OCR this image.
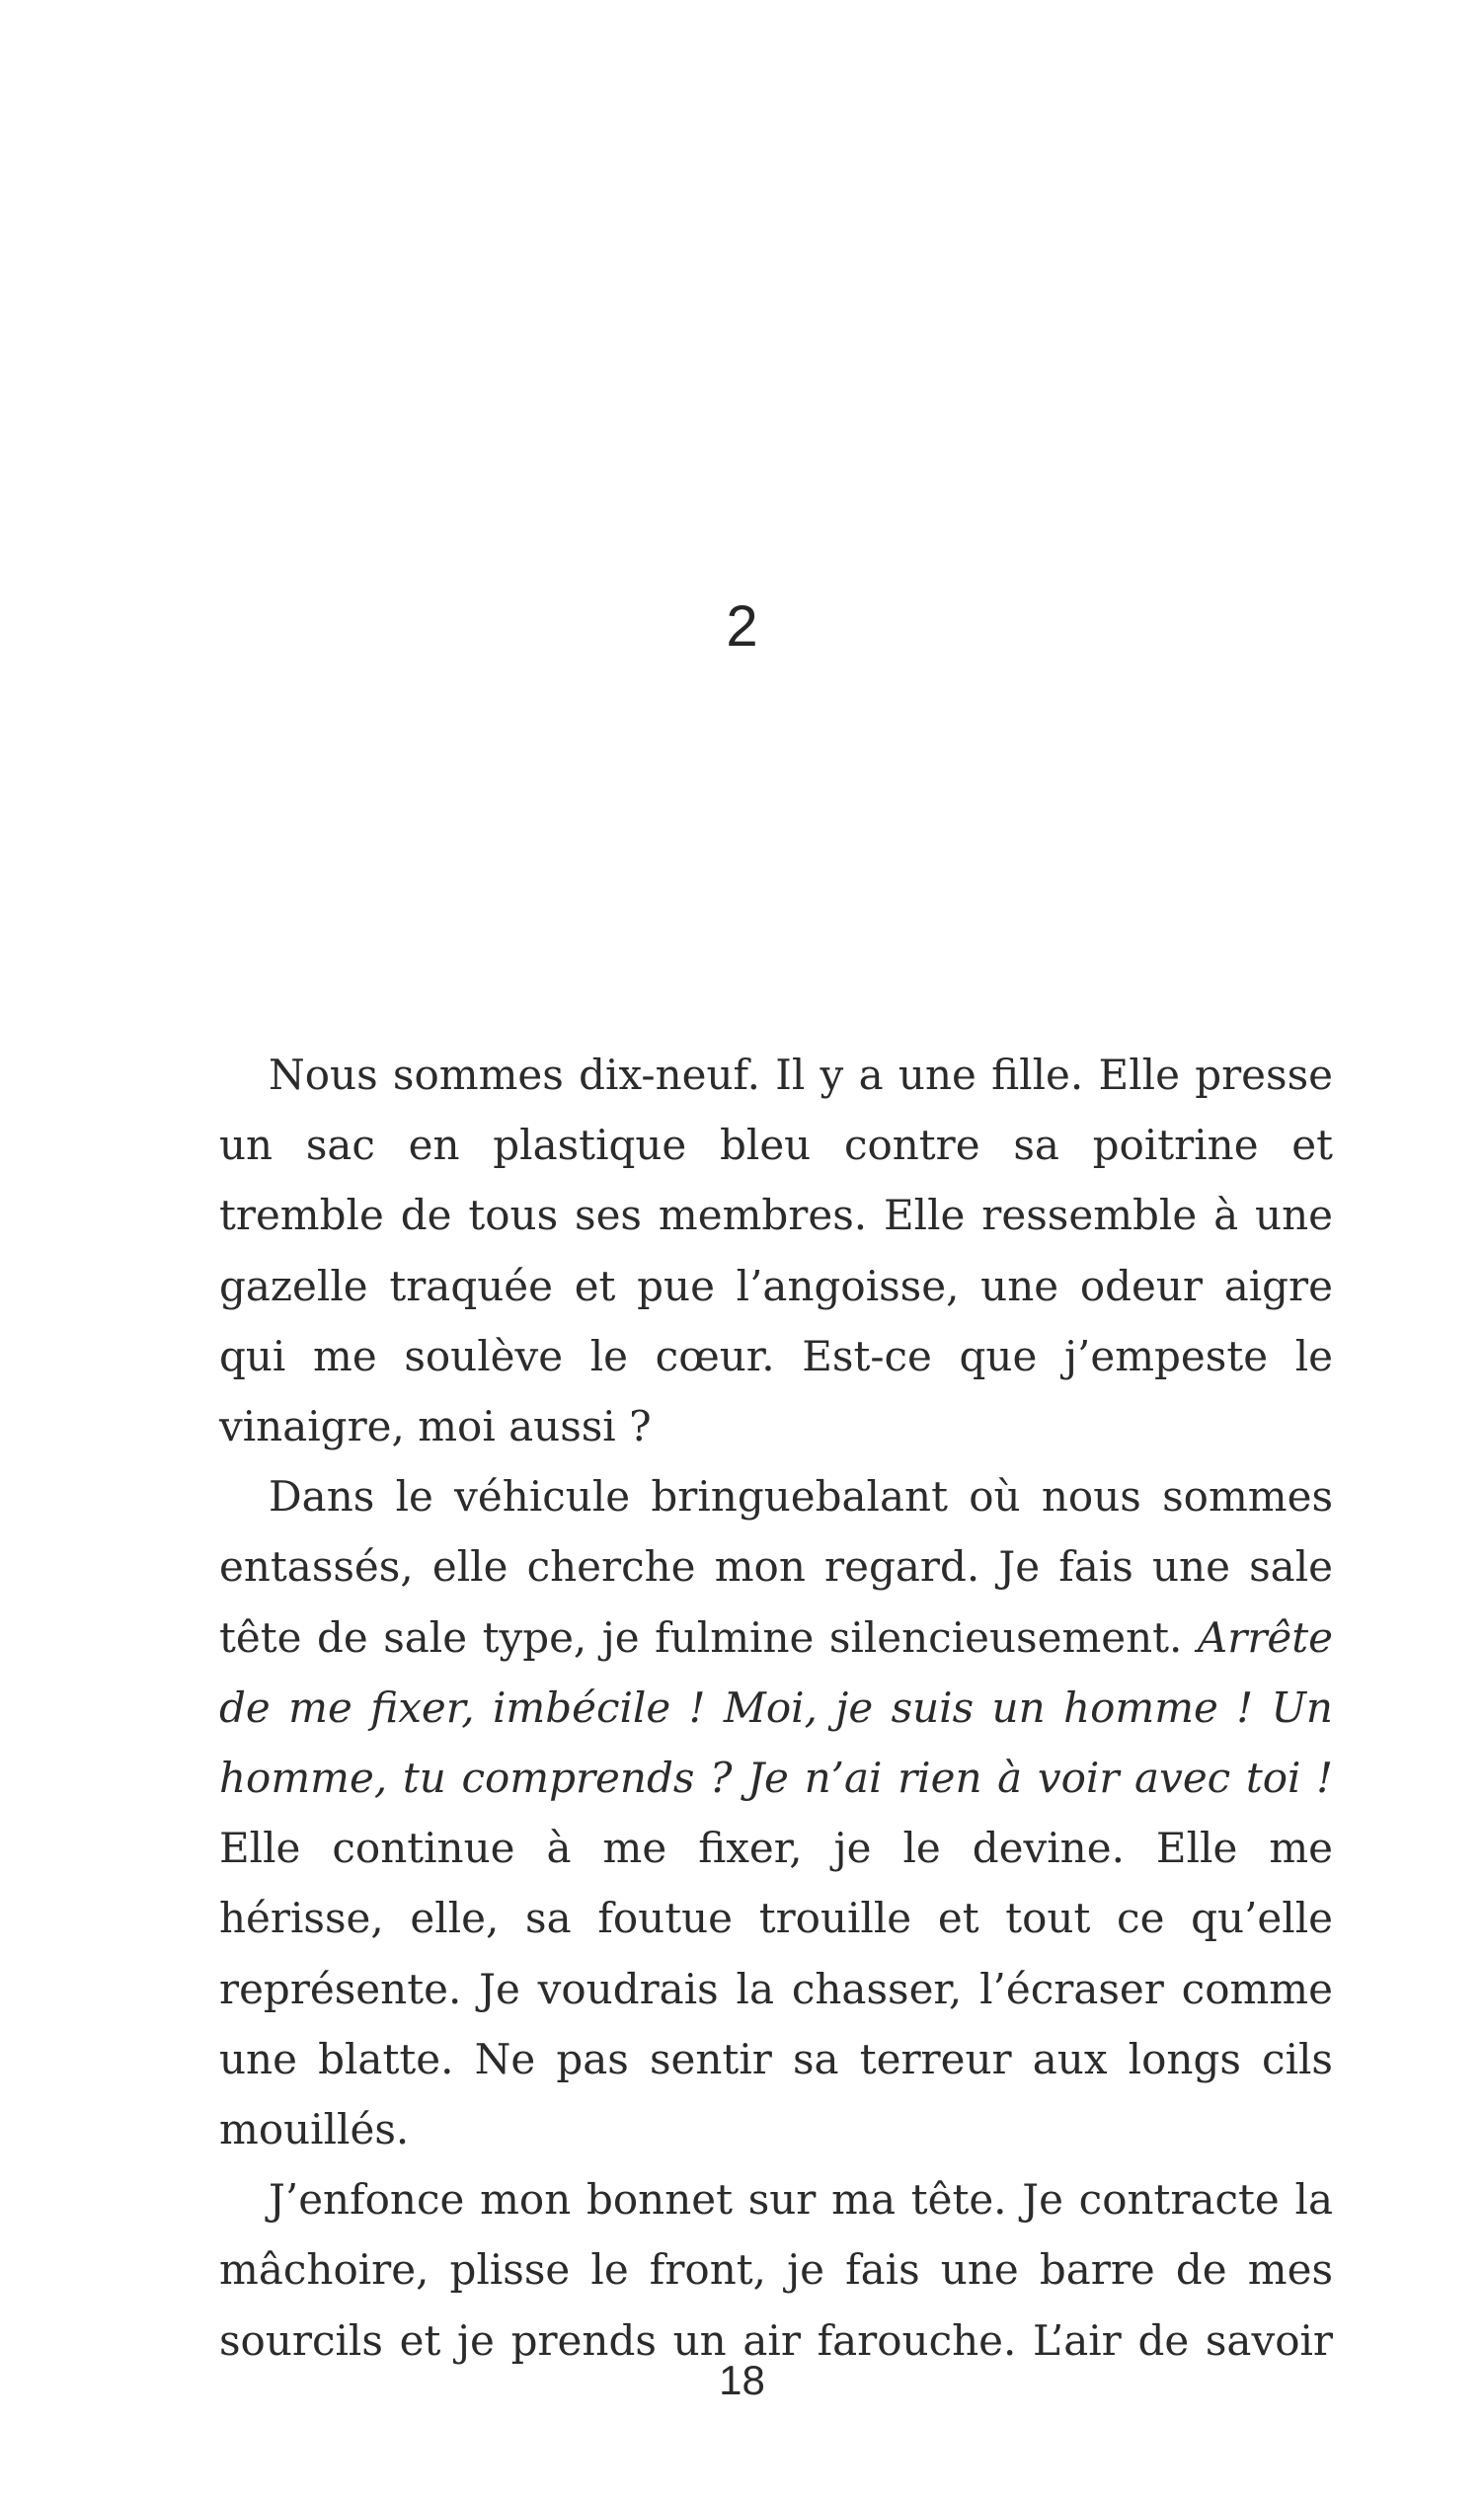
2

Nous sommes dix-neuf. Il y a une fille. Elle presse un sac en plastique bleu contre sa poitrine et tremble de tous ses membres. Elle ressemble à une gazelle traquée et pue l’angoisse, une odeur aigre qui me soulève le cœur. Est-ce que j’empeste le vinaigre, moi aussi ?

Dans le véhicule bringuebalant où nous sommes entassés, elle cherche mon regard. Je fais une sale tête de sale type, je fulmine silencieusement. Arrête de me fixer, imbécile ! Moi, je suis un homme ! Un homme, tu comprends ? Je n’ai rien à voir avec toi ! Elle continue à me fixer, je le devine. Elle me hérisse, elle, sa foutue trouille et tout ce qu’elle représente. Je voudrais la chasser, l’écraser comme une blatte. Ne pas sentir sa terreur aux longs cils mouillés.

J’enfonce mon bonnet sur ma tête. Je contracte la mâchoire, plisse le front, je fais une barre de mes sourcils et je prends un air farouche. L’air de savoir

18
